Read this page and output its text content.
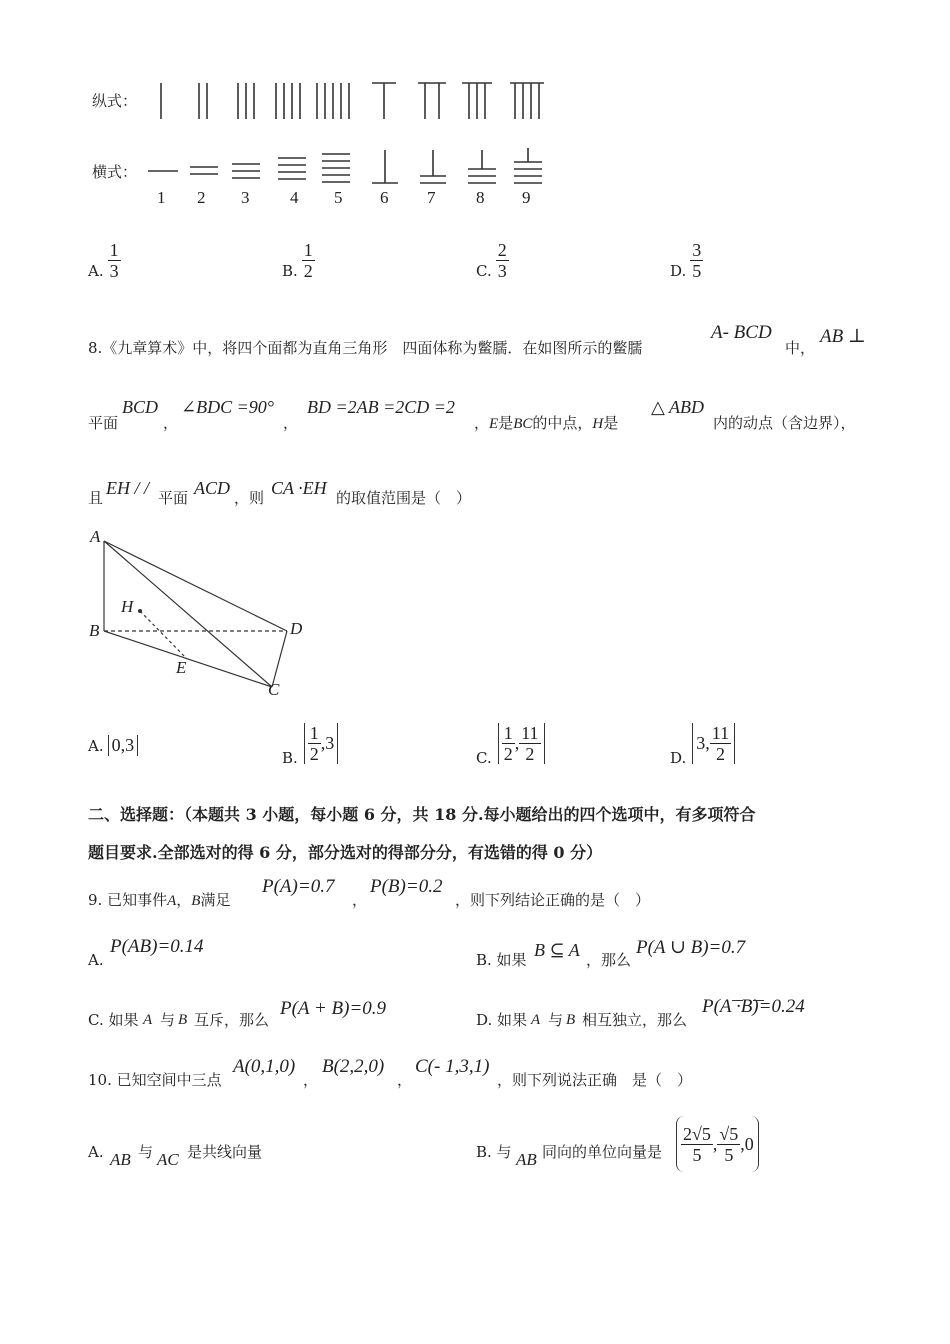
纵式：
横式：
1 2 3 4 5 6 7 8 9
A. $\frac{1}{3}$	B. $\frac{1}{2}$	C. $\frac{2}{3}$	D. $\frac{3}{5}$
8.《九章算术》中，将四个面都为直角三角形　四面体称为鳖臑．在如图所示的鳖臑
A- BCD
中，
AB ⊥
平面
BCD
，
∠BDC =90°
，
BD =2AB =2CD =2
，E是BC的中点，H是
△ ABD
内的动点（含边界），
且 EH / / 平面 ACD ，则 CA ·EH 的取值范围是（　）
A
B	D
C
E
H
A. 0,3
B. $\frac{1}{2} ,3$
C. $\frac{1}{2}$ , $\frac{11}{2}$	D.
3, $\frac{11}{2}$
二、选择题：（本题共 3 小题，每小题 6 分，共 18 分.每小题给出的四个选项中，有多项符合
题目要求.全部选对的得 6 分，部分选对的得部分分，有选错的得 0 分）
9. 已知事件A，B满足
P(A)=0.7
，
P(B)=0.2
，则下列结论正确的是（　）
A.
P(AB)=0.14
B. 如果 B ⊆ A ，那么
P(A ∪ B)=0.7
C. 如果 A 与 B 互斥，那么
P(A + B)=0.9
D. 如果 A 与 B 相互独立，那么
P(A ·B)=0.24
10. 已知空间中三点
A(0,1,0)
，
B(2,2,0)
，
C(- 1,3,1)
，则下列说法正确　是（　）
A. AB 与 AC 是共线向量	B. 与 AB 同向的单位向量是 $\frac{2√5}{5}$ , $\frac{√5}{5} ,0$
